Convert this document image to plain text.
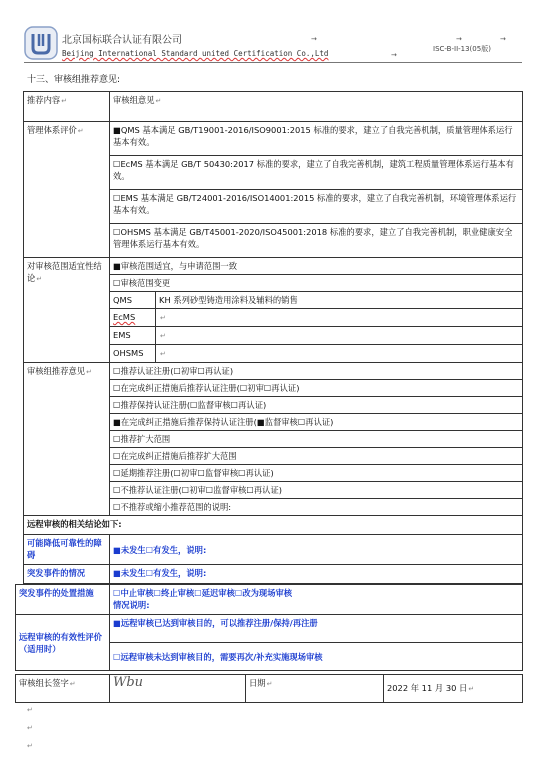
北京国标联合认证有限公司
Beijing International Standard united Certification Co.,Ltd	ISC-B-II-13(05版)
→	→
→
→
十三、审核组推荐意见:
推荐内容↵	审核组意见↵	
管理体系评价↵	■QMS 基本满足 GB/T19001-2016/ISO9001:2015 标准的要求，建立了自我完善机制，质量管理体系运行基本有效。	
	☐EcMS 基本满足 GB/T 50430:2017 标准的要求，建立了自我完善机制，建筑工程质量管理体系运行基本有效。	
	☐EMS 基本满足 GB/T24001-2016/ISO14001:2015 标准的要求，建立了自我完善机制，环境管理体系运行基本有效。	
	☐OHSMS 基本满足 GB/T45001-2020/ISO45001:2018 标准的要求，建立了自我完善机制，职业健康安全管理体系运行基本有效。	
对审核范围适宜性结论↵	■审核范围适宜，与申请范围一致	
	☐审核范围变更	
	QMS	KH 系列砂型铸造用涂料及辅料的销售
	EcMS	↵
	EMS	↵
	OHSMS	↵
审核组推荐意见↵	☐推荐认证注册(☐初审☐再认证)	
	☐在完成纠正措施后推荐认证注册(☐初审☐再认证)	
	☐推荐保持认证注册(☐监督审核☐再认证)	
	■在完成纠正措施后推荐保持认证注册(■监督审核☐再认证)	
	☐推荐扩大范围	
	☐在完成纠正措施后推荐扩大范围	
	☐延期推荐注册(☐初审☐监督审核☐再认证)	
	☐不推荐认证注册(☐初审☐监督审核☐再认证)	
	☐不推荐或缩小推荐范围的说明:	
远程审核的相关结论如下:		
可能降低可靠性的障碍	■未发生☐有发生，说明:	
突发事件的情况	■未发生☐有发生，说明:	
突发事件的处置措施	☐中止审核☐终止审核☐延迟审核☐改为现场审核
情况说明:

远程审核的有效性评价（适用时）	■远程审核已达到审核目的，可以推荐注册/保持/再注册
	☐远程审核未达到审核目的，需要再次/补充实施现场审核
审核组长签字↵	Wbu	日期↵	2022 年 11 月 30 日↵
↵
↵
↵
